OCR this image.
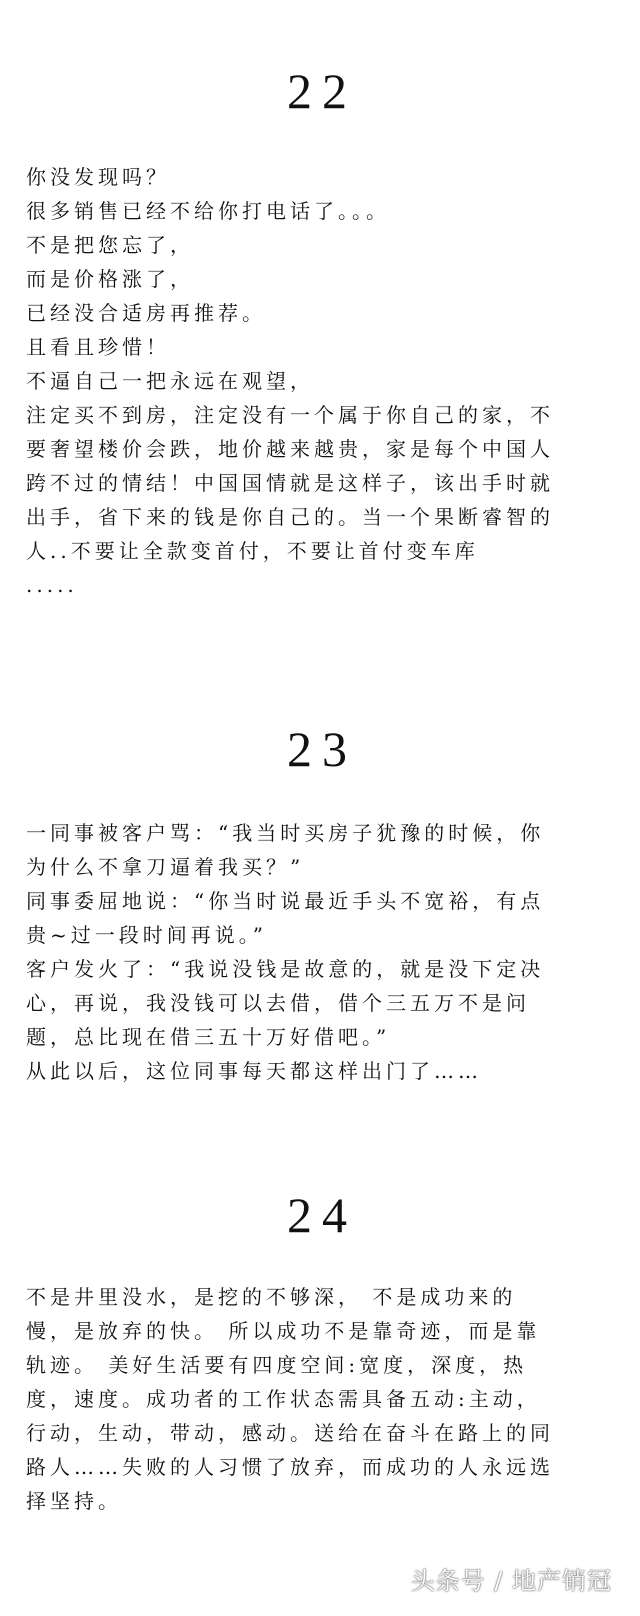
22
你没发现吗？
很多销售已经不给你打电话了。。。
不是把您忘了，
而是价格涨了，
已经没合适房再推荐。
且看且珍惜！
不逼自己一把永远在观望，
注定买不到房，注定没有一个属于你自己的家，不
要奢望楼价会跌，地价越来越贵，家是每个中国人
跨不过的情结！中国国情就是这样子，该出手时就
出手，省下来的钱是你自己的。当一个果断睿智的
人..不要让全款变首付，不要让首付变车库
.....
23
一同事被客户骂：“我当时买房子犹豫的时候，你
为什么不拿刀逼着我买？”
同事委屈地说：“你当时说最近手头不宽裕，有点
贵~过一段时间再说。”
客户发火了：“我说没钱是故意的，就是没下定决
心，再说，我没钱可以去借，借个三五万不是问
题，总比现在借三五十万好借吧。”
从此以后，这位同事每天都这样出门了……
24
不是井里没水，是挖的不够深， 不是成功来的
慢，是放弃的快。 所以成功不是靠奇迹，而是靠
轨迹。 美好生活要有四度空间:宽度，深度，热
度，速度。成功者的工作状态需具备五动:主动，
行动，生动，带动，感动。送给在奋斗在路上的同
路人……失败的人习惯了放弃，而成功的人永远选
择坚持。
头条号 / 地产销冠
